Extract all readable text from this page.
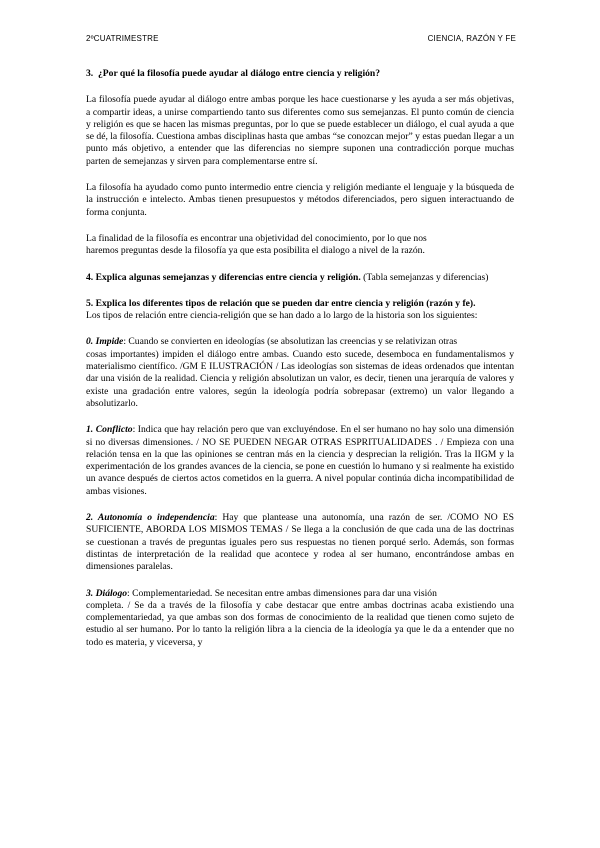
2ºCUATRIMESTRE	CIENCIA, RAZÓN Y FE

3. ¿Por qué la filosofía puede ayudar al diálogo entre ciencia y religión?

La filosofía puede ayudar al diálogo entre ambas porque les hace cuestionarse y les ayuda a ser más objetivas, a compartir ideas, a unirse compartiendo tanto sus diferentes como sus semejanzas. El punto común de ciencia y religión es que se hacen las mismas preguntas, por lo que se puede establecer un diálogo, el cual ayuda a que se dé, la filosofía. Cuestiona ambas disciplinas hasta que ambas “se conozcan mejor” y estas puedan llegar a un punto más objetivo, a entender que las diferencias no siempre suponen una contradicción porque muchas parten de semejanzas y sirven para complementarse entre sí.

La filosofía ha ayudado como punto intermedio entre ciencia y religión mediante el lenguaje y la búsqueda de la instrucción e intelecto. Ambas tienen presupuestos y métodos diferenciados, pero siguen interactuando de forma conjunta.

La finalidad de la filosofía es encontrar una objetividad del conocimiento, por lo que nos

haremos preguntas desde la filosofía ya que esta posibilita el dialogo a nivel de la razón.

4. Explica algunas semejanzas y diferencias entre ciencia y religión. (Tabla semejanzas y diferencias)

5. Explica los diferentes tipos de relación que se pueden dar entre ciencia y religión (razón y fe).

Los tipos de relación entre ciencia-religión que se han dado a lo largo de la historia son los siguientes:

0. Impide: Cuando se convierten en ideologías (se absolutizan las creencias y se relativizan otras

cosas importantes) impiden el diálogo entre ambas. Cuando esto sucede, desemboca en fundamentalismos y materialismo científico. /GM E ILUSTRACIÓN / Las ideologías son sistemas de ideas ordenados que intentan dar una visión de la realidad. Ciencia y religión absolutizan un valor, es decir, tienen una jerarquía de valores y existe una gradación entre valores, según la ideología podría sobrepasar (extremo) un valor llegando a absolutizarlo.

1. Conflicto: Indica que hay relación pero que van excluyéndose. En el ser humano no hay solo una dimensión si no diversas dimensiones. / NO SE PUEDEN NEGAR OTRAS ESPRITUALIDADES . / Empieza con una relación tensa en la que las opiniones se centran más en la ciencia y desprecian la religión. Tras la IIGM y la experimentación de los grandes avances de la ciencia, se pone en cuestión lo humano y si realmente ha existido un avance después de ciertos actos cometidos en la guerra. A nivel popular continúa dicha incompatibilidad de ambas visiones.

2. Autonomía o independencia: Hay que plantease una autonomía, una razón de ser. /COMO NO ES SUFICIENTE, ABORDA LOS MISMOS TEMAS / Se llega a la conclusión de que cada una de las doctrinas se cuestionan a través de preguntas iguales pero sus respuestas no tienen porqué serlo. Además, son formas distintas de interpretación de la realidad que acontece y rodea al ser humano, encontrándose ambas en dimensiones paralelas.

3. Diálogo: Complementariedad. Se necesitan entre ambas dimensiones para dar una visión

completa. / Se da a través de la filosofía y cabe destacar que entre ambas doctrinas acaba existiendo una complementariedad, ya que ambas son dos formas de conocimiento de la realidad que tienen como sujeto de estudio al ser humano. Por lo tanto la religión libra a la ciencia de la ideología ya que le da a entender que no todo es materia, y viceversa, y
